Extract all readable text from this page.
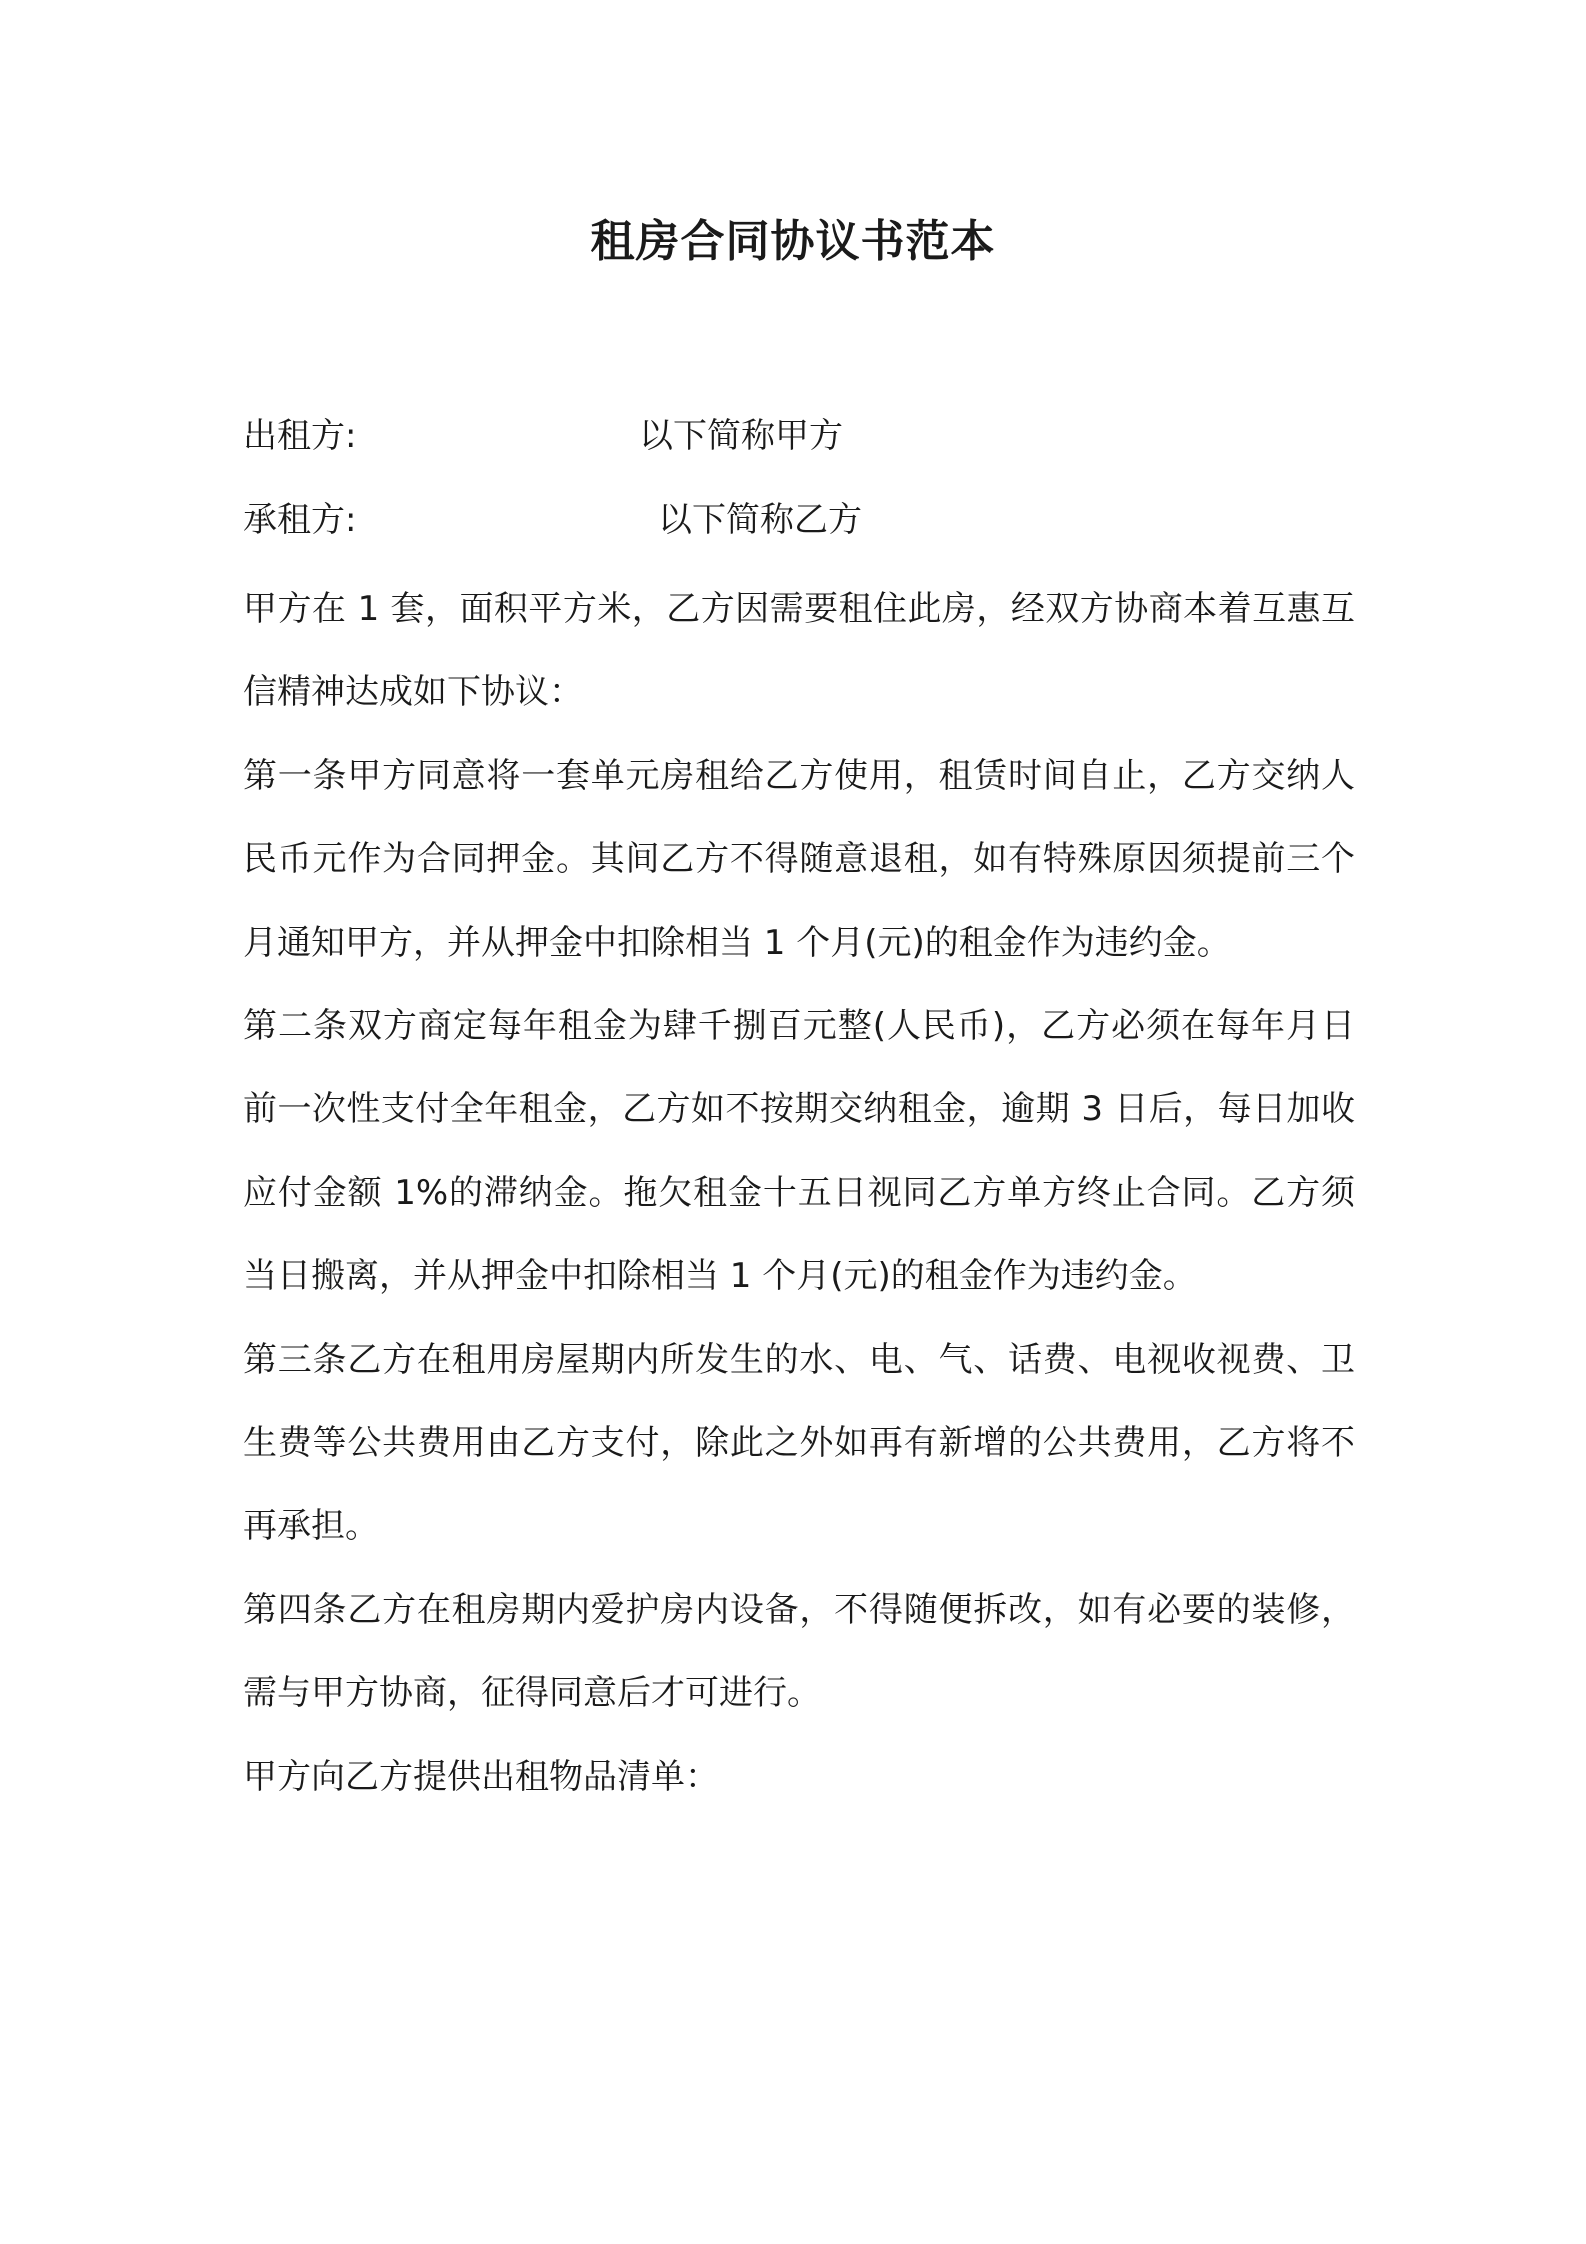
租房合同协议书范本
出租方:	以下简称甲方
承租方:	以下简称乙方

甲方在 1 套，面积平方米，乙方因需要租住此房，经双方协商本着互惠互信精神达成如下协议：

第一条甲方同意将一套单元房租给乙方使用，租赁时间自止，乙方交纳人民币元作为合同押金。其间乙方不得随意退租，如有特殊原因须提前三个月通知甲方，并从押金中扣除相当 1 个月(元)的租金作为违约金。

第二条双方商定每年租金为肆千捌百元整(人民币)，乙方必须在每年月日前一次性支付全年租金，乙方如不按期交纳租金，逾期 3 日后，每日加收应付金额 1%的滞纳金。拖欠租金十五日视同乙方单方终止合同。乙方须当日搬离，并从押金中扣除相当 1 个月(元)的租金作为违约金。

第三条乙方在租用房屋期内所发生的水、电、气、话费、电视收视费、卫生费等公共费用由乙方支付，除此之外如再有新增的公共费用，乙方将不再承担。

第四条乙方在租房期内爱护房内设备，不得随便拆改，如有必要的装修，需与甲方协商，征得同意后才可进行。

甲方向乙方提供出租物品清单：
